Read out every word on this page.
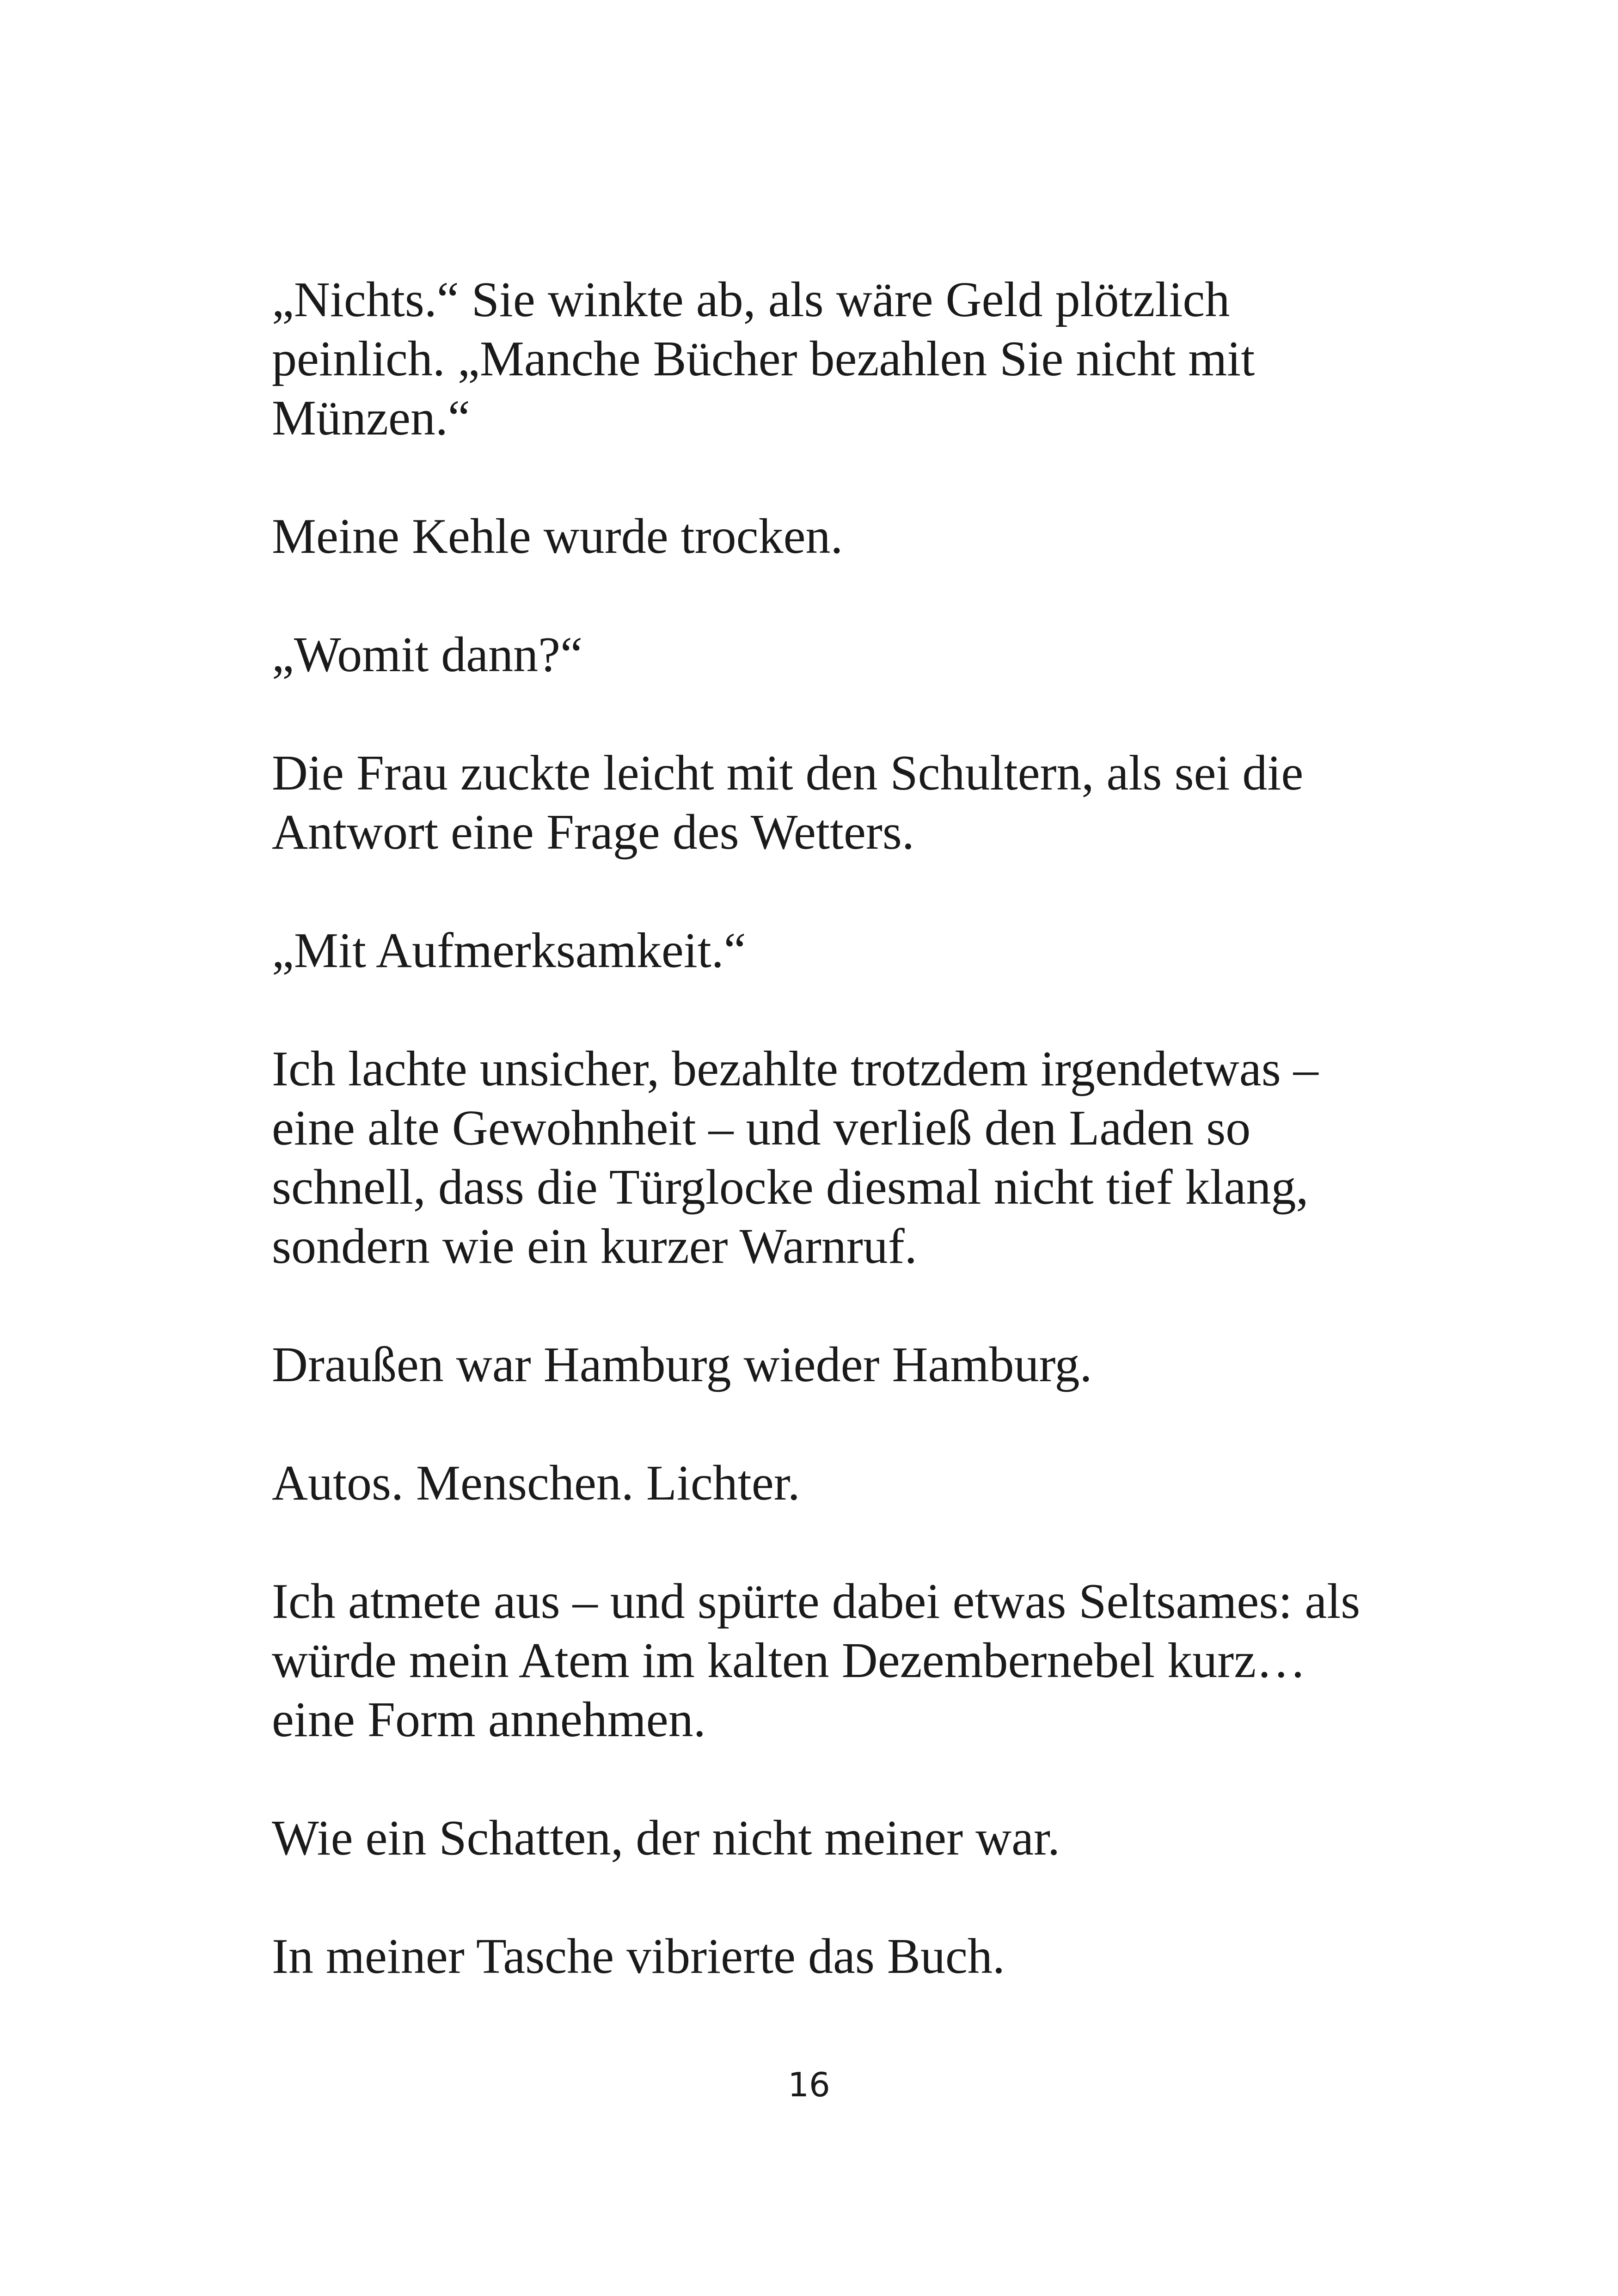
„Nichts.“ Sie winkte ab, als wäre Geld plötzlich peinlich. „Manche Bücher bezahlen Sie nicht mit Münzen.“

Meine Kehle wurde trocken.

„Womit dann?“

Die Frau zuckte leicht mit den Schultern, als sei die Antwort eine Frage des Wetters.

„Mit Aufmerksamkeit.“

Ich lachte unsicher, bezahlte trotzdem irgendetwas – eine alte Gewohnheit – und verließ den Laden so schnell, dass die Türglocke diesmal nicht tief klang, sondern wie ein kurzer Warnruf.

Draußen war Hamburg wieder Hamburg.

Autos. Menschen. Lichter.

Ich atmete aus – und spürte dabei etwas Seltsames: als würde mein Atem im kalten Dezembernebel kurz… eine Form annehmen.

Wie ein Schatten, der nicht meiner war.

In meiner Tasche vibrierte das Buch.

16
